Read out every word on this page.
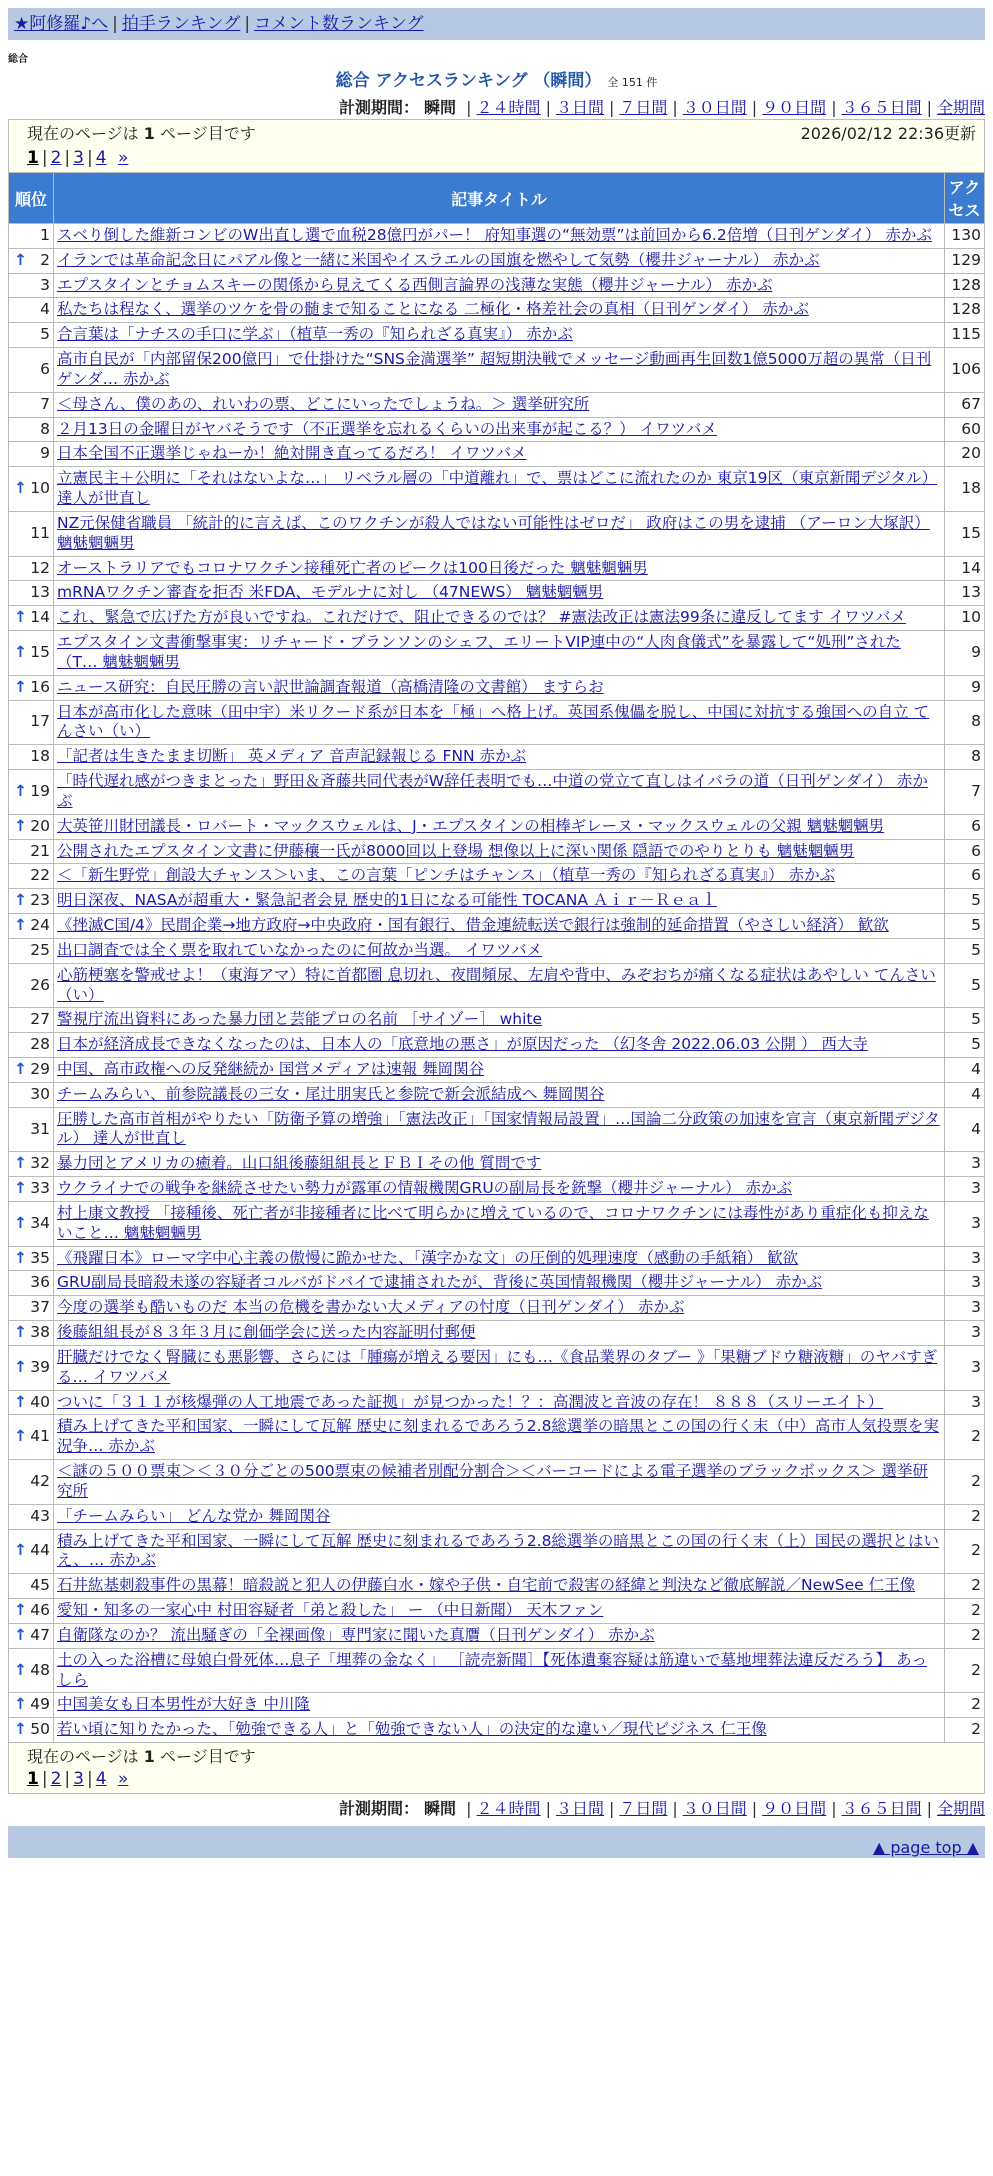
★阿修羅♪へ | 拍手ランキング | コメント数ランキング
総合
総合 アクセスランキング （瞬間） 全 151 件
計測期間： 瞬間 | ２４時間 | ３日間 | ７日間 | ３０日間 | ９０日間 | ３６５日間 | 全期間
現在のページは 1 ページ目です	2026/02/12 22:36更新
1 | 2 | 3 | 4 »
順位	記事タイトル	アクセス
1	スベり倒した維新コンビのW出直し選で血税28億円がパー！ 府知事選の“無効票”は前回から6.2倍増（日刊ゲンダイ） 赤かぶ	130

↑ 2	イランでは革命記念日にパアル像と一緒に米国やイスラエルの国旗を燃やして気勢（櫻井ジャーナル） 赤かぶ	129
3	エプスタインとチョムスキーの関係から見えてくる西側言論界の浅薄な実態（櫻井ジャーナル） 赤かぶ	128
4	私たちは程なく、選挙のツケを骨の髄まで知ることになる 二極化・格差社会の真相（日刊ゲンダイ） 赤かぶ	128
5	合言葉は「ナチスの手口に学ぶ」（植草一秀の『知られざる真実』） 赤かぶ	115
6	高市自民が「内部留保200億円」で仕掛けた“SNS金満選挙” 超短期決戦でメッセージ動画再生回数1億5000万超の異常（日刊ゲンダ… 赤かぶ	106
7	＜母さん、僕のあの、れいわの票、どこにいったでしょうね。＞ 選挙研究所	67
8	２月13日の金曜日がヤバそうです（不正選挙を忘れるくらいの出来事が起こる？） イワツバメ	60
9	日本全国不正選挙じゃねーか！絶対開き直ってるだろ！ イワツバメ	20

↑ 10	立憲民主＋公明に「それはないよな…」 リベラル層の「中道離れ」で、票はどこに流れたのか 東京19区（東京新聞デジタル） 達人が世直し	18
11	NZ元保健省職員 「統計的に言えば、このワクチンが殺人ではない可能性はゼロだ」 政府はこの男を逮捕 （アーロン大塚訳） 魑魅魍魎男	15
12	オーストラリアでもコロナワクチン接種死亡者のピークは100日後だった 魑魅魍魎男	14
13	mRNAワクチン審査を拒否 米FDA、モデルナに対し （47NEWS） 魑魅魍魎男	13

↑ 14	これ、緊急で広げた方が良いですね。これだけで、阻止できるのでは？ #憲法改正は憲法99条に違反してます イワツバメ	10

↑ 15	エプスタイン文書衝撃事実：リチャード・ブランソンのシェフ、エリートVIP連中の“人肉食儀式”を暴露して“処刑”された（T… 魑魅魍魎男	9

↑ 16	ニュース研究：自民圧勝の言い訳世論調査報道（高橋清隆の文書館） ますらお	9
17	日本が高市化した意味（田中宇）米リクード系が日本を「極」へ格上げ。英国系傀儡を脱し、中国に対抗する強国への自立 てんさい（い）	8
18	「記者は生きたまま切断」 英メディア 音声記録報じる FNN 赤かぶ	8

↑ 19	「時代遅れ感がつきまとった」野田＆斉藤共同代表がW辞任表明でも…中道の党立て直しはイバラの道（日刊ゲンダイ） 赤かぶ	7

↑ 20	大英笹川財団議長・ロバート・マックスウェルは、J・エプスタインの相棒ギレーヌ・マックスウェルの父親 魑魅魍魎男	6
21	公開されたエプスタイン文書に伊藤穰一氏が8000回以上登場 想像以上に深い関係 隠語でのやりとりも 魑魅魍魎男	6
22	＜「新生野党」創設大チャンス＞いま、この言葉「ピンチはチャンス」（植草一秀の『知られざる真実』） 赤かぶ	6

↑ 23	明日深夜、NASAが超重大・緊急記者会見 歴史的1日になる可能性 TOCANA Ａｉｒ－Ｒｅａｌ	5

↑ 24	《挫滅C国/4》民間企業→地方政府→中央政府・国有銀行、借金連続転送で銀行は強制的延命措置（やさしい経済） 歓欲	5
25	出口調査では全く票を取れていなかったのに何故か当選。 イワツバメ	5
26	心筋梗塞を警戒せよ！（東海アマ）特に首都圏 息切れ、夜間頻尿、左肩や背中、みぞおちが痛くなる症状はあやしい てんさい（い）	5
27	警視庁流出資料にあった暴力団と芸能プロの名前 ［サイゾー］ white	5
28	日本が経済成長できなくなったのは、日本人の「底意地の悪さ」が原因だった （幻冬舎 2022.06.03 公開 ） 西大寺	5

↑ 29	中国、高市政権への反発継続か 国営メディアは速報 舞岡関谷	4
30	チームみらい、前参院議長の三女・尾辻朋実氏と参院で新会派結成へ 舞岡関谷	4
31	圧勝した高市首相がやりたい「防衛予算の増強」「憲法改正」「国家情報局設置」…国論二分政策の加速を宣言（東京新聞デジタル） 達人が世直し	4

↑ 32	暴力団とアメリカの癒着。山口組後藤組組長とＦＢＩその他 質問です	3

↑ 33	ウクライナでの戦争を継続させたい勢力が露軍の情報機関GRUの副局長を銃撃（櫻井ジャーナル） 赤かぶ	3

↑ 34	村上康文教授 「接種後、死亡者が非接種者に比べて明らかに増えているので、コロナワクチンには毒性があり重症化も抑えないこと… 魑魅魍魎男	3

↑ 35	《飛躍日本》ローマ字中心主義の傲慢に跪かせた、「漢字かな文」の圧倒的処理速度（感動の手紙箱） 歓欲	3
36	GRU副局長暗殺未遂の容疑者コルバがドバイで逮捕されたが、背後に英国情報機関（櫻井ジャーナル） 赤かぶ	3
37	今度の選挙も酷いものだ 本当の危機を書かない大メディアの忖度（日刊ゲンダイ） 赤かぶ	3

↑ 38	後藤組組長が８３年３月に創価学会に送った内容証明付郵便	3

↑ 39	肝臓だけでなく腎臓にも悪影響、さらには「腫瘍が増える要因」にも…《食品業界のタブー 》「果糖ブドウ糖液糖」のヤバすぎる… イワツバメ	3

↑ 40	ついに「３１１が核爆弾の人工地震であった証拠」が見つかった！？：高潤波と音波の存在！ ８８８（スリーエイト）	3

↑ 41	積み上げてきた平和国家、一瞬にして瓦解 歴史に刻まれるであろう2.8総選挙の暗黒とこの国の行く末（中）高市人気投票を実況争… 赤かぶ	2
42	＜謎の５００票束＞＜３０分ごとの500票束の候補者別配分割合＞＜バーコードによる電子選挙のブラックボックス＞ 選挙研究所	2
43	「チームみらい」 どんな党か 舞岡関谷	2

↑ 44	積み上げてきた平和国家、一瞬にして瓦解 歴史に刻まれるであろう2.8総選挙の暗黒とこの国の行く末（上）国民の選択とはいえ、… 赤かぶ	2
45	石井紘基刺殺事件の黒幕！暗殺説と犯人の伊藤白水・嫁や子供・自宅前で殺害の経緯と判決など徹底解説／NewSee 仁王像	2

↑ 46	愛知・知多の一家心中 村田容疑者「弟と殺した」 ー （中日新聞） 天木ファン	2

↑ 47	自衛隊なのか？ 流出騒ぎの「全裸画像」専門家に聞いた真贋（日刊ゲンダイ） 赤かぶ	2

↑ 48	土の入った浴槽に母娘白骨死体…息子「埋葬の金なく」 ［読売新聞］【死体遺棄容疑は筋違いで墓地埋葬法違反だろう】 あっしら	2

↑ 49	中国美女も日本男性が大好き 中川隆	2

↑ 50	若い頃に知りたかった、「勉強できる人」と「勉強できない人」の決定的な違い／現代ビジネス 仁王像	2
現在のページは 1 ページ目です
1 | 2 | 3 | 4 »
計測期間： 瞬間 | ２４時間 | ３日間 | ７日間 | ３０日間 | ９０日間 | ３６５日間 | 全期間
▲ page top ▲
